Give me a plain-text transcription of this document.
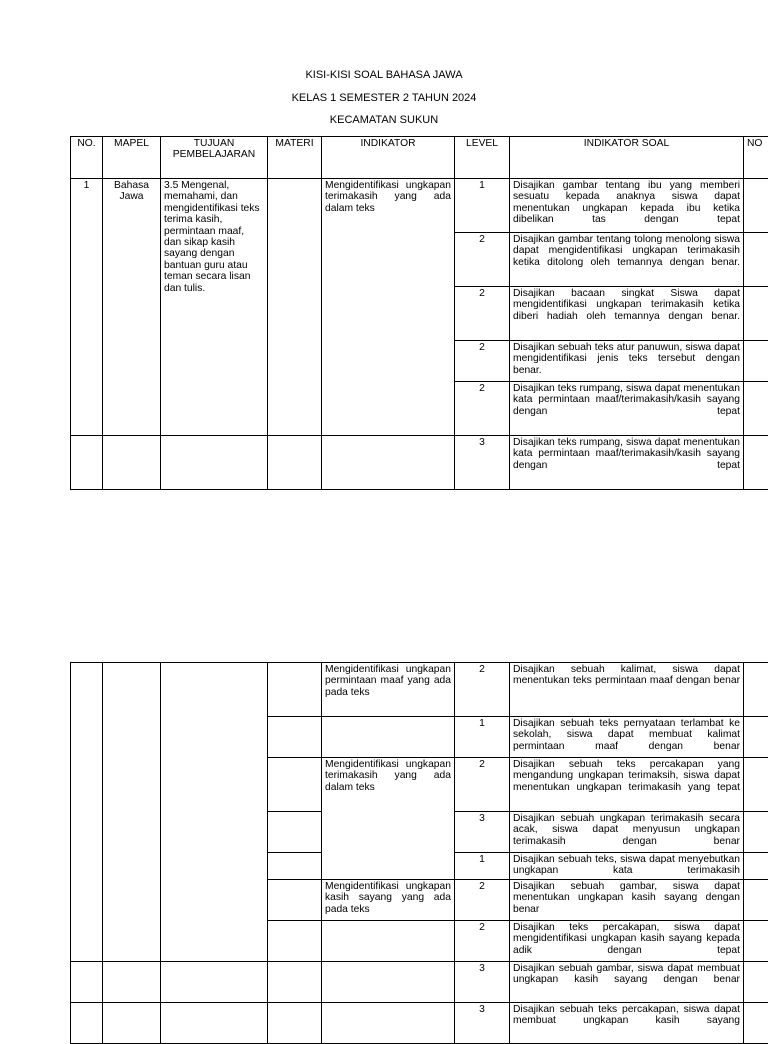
KISI-KISI SOAL BAHASA JAWA
KELAS 1 SEMESTER 2 TAHUN 2024
KECAMATAN SUKUN
NO.	MAPEL	TUJUAN PEMBELAJARAN	MATERI	INDIKATOR	LEVEL	INDIKATOR SOAL	NO
1	Bahasa Jawa	3.5 Mengenal, memahami, dan mengidentifikasi teks terima kasih, permintaan maaf, dan sikap kasih sayang dengan bantuan guru atau teman secara lisan dan tulis.		Mengidentifikasi ungkapan terimakasih yang ada dalam teks	1	Disajikan gambar tentang ibu yang memberi sesuatu kepada anaknya siswa dapat menentukan ungkapan kepada ibu ketika dibelikan tas dengan tepat	
					2	Disajikan gambar tentang tolong menolong siswa dapat mengidentifikasi ungkapan terimakasih ketika ditolong oleh temannya dengan benar.	
					2	Disajikan bacaan singkat Siswa dapat mengidentifikasi ungkapan terimakasih ketika diberi hadiah oleh temannya dengan benar.	
					2	Disajikan sebuah teks atur panuwun, siswa dapat mengidentifikasi jenis teks tersebut dengan benar.	
					2	Disajikan teks rumpang, siswa dapat menentukan kata permintaan maaf/terimakasih/kasih sayang dengan tepat	
					3	Disajikan teks rumpang, siswa dapat menentukan kata permintaan maaf/terimakasih/kasih sayang dengan tepat	
				Mengidentifikasi ungkapan permintaan maaf yang ada pada teks	2	Disajikan sebuah kalimat, siswa dapat menentukan teks permintaan maaf dengan benar	
					1	Disajikan sebuah teks pernyataan terlambat ke sekolah, siswa dapat membuat kalimat permintaan maaf dengan benar	
				Mengidentifikasi ungkapan terimakasih yang ada dalam teks	2	Disajikan sebuah teks percakapan yang mengandung ungkapan terimaksih, siswa dapat menentukan ungkapan terimakasih yang tepat	
					3	Disajikan sebuah ungkapan terimakasih secara acak, siswa dapat menyusun ungkapan terimakasih dengan benar	
					1	Disajikan sebuah teks, siswa dapat menyebutkan ungkapan kata terimakasih	
				Mengidentifikasi ungkapan kasih sayang yang ada pada teks	2	Disajikan sebuah gambar, siswa dapat menentukan ungkapan kasih sayang dengan benar	
					2	Disajikan teks percakapan, siswa dapat mengidentifikasi ungkapan kasih sayang kepada adik dengan tepat	
					3	Disajikan sebuah gambar, siswa dapat membuat ungkapan kasih sayang dengan benar	
					3	Disajikan sebuah teks percakapan, siswa dapat membuat ungkapan kasih sayang	
